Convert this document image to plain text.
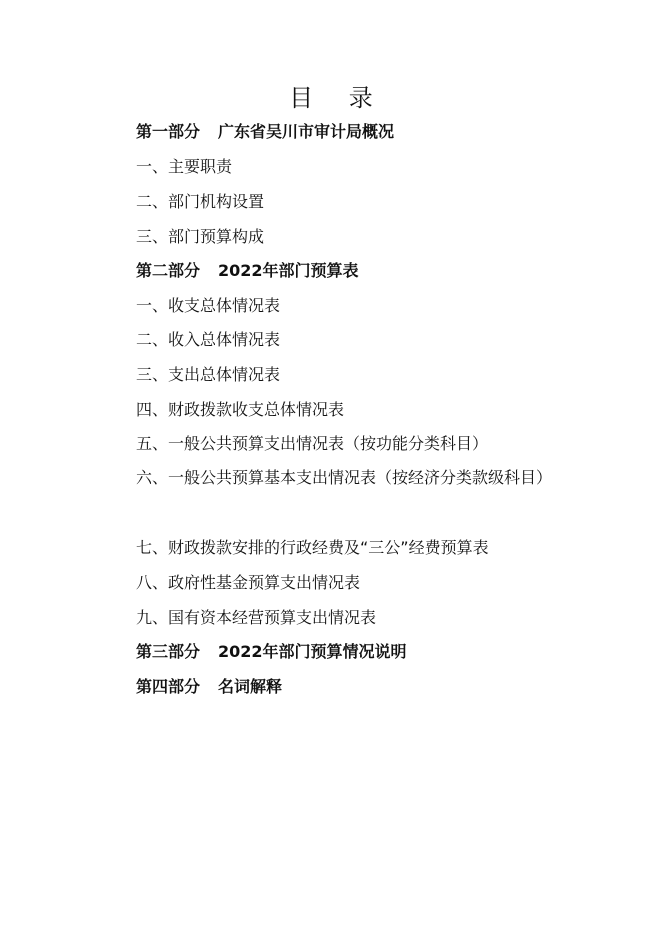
目 录
第一部分 广东省吴川市审计局概况
一、主要职责
二、部门机构设置
三、部门预算构成
第二部分 2022年部门预算表
一、收支总体情况表
二、收入总体情况表
三、支出总体情况表
四、财政拨款收支总体情况表
五、一般公共预算支出情况表（按功能分类科目）
六、一般公共预算基本支出情况表（按经济分类款级科目）
七、财政拨款安排的行政经费及“三公”经费预算表
八、政府性基金预算支出情况表
九、国有资本经营预算支出情况表
第三部分 2022年部门预算情况说明
第四部分 名词解释
